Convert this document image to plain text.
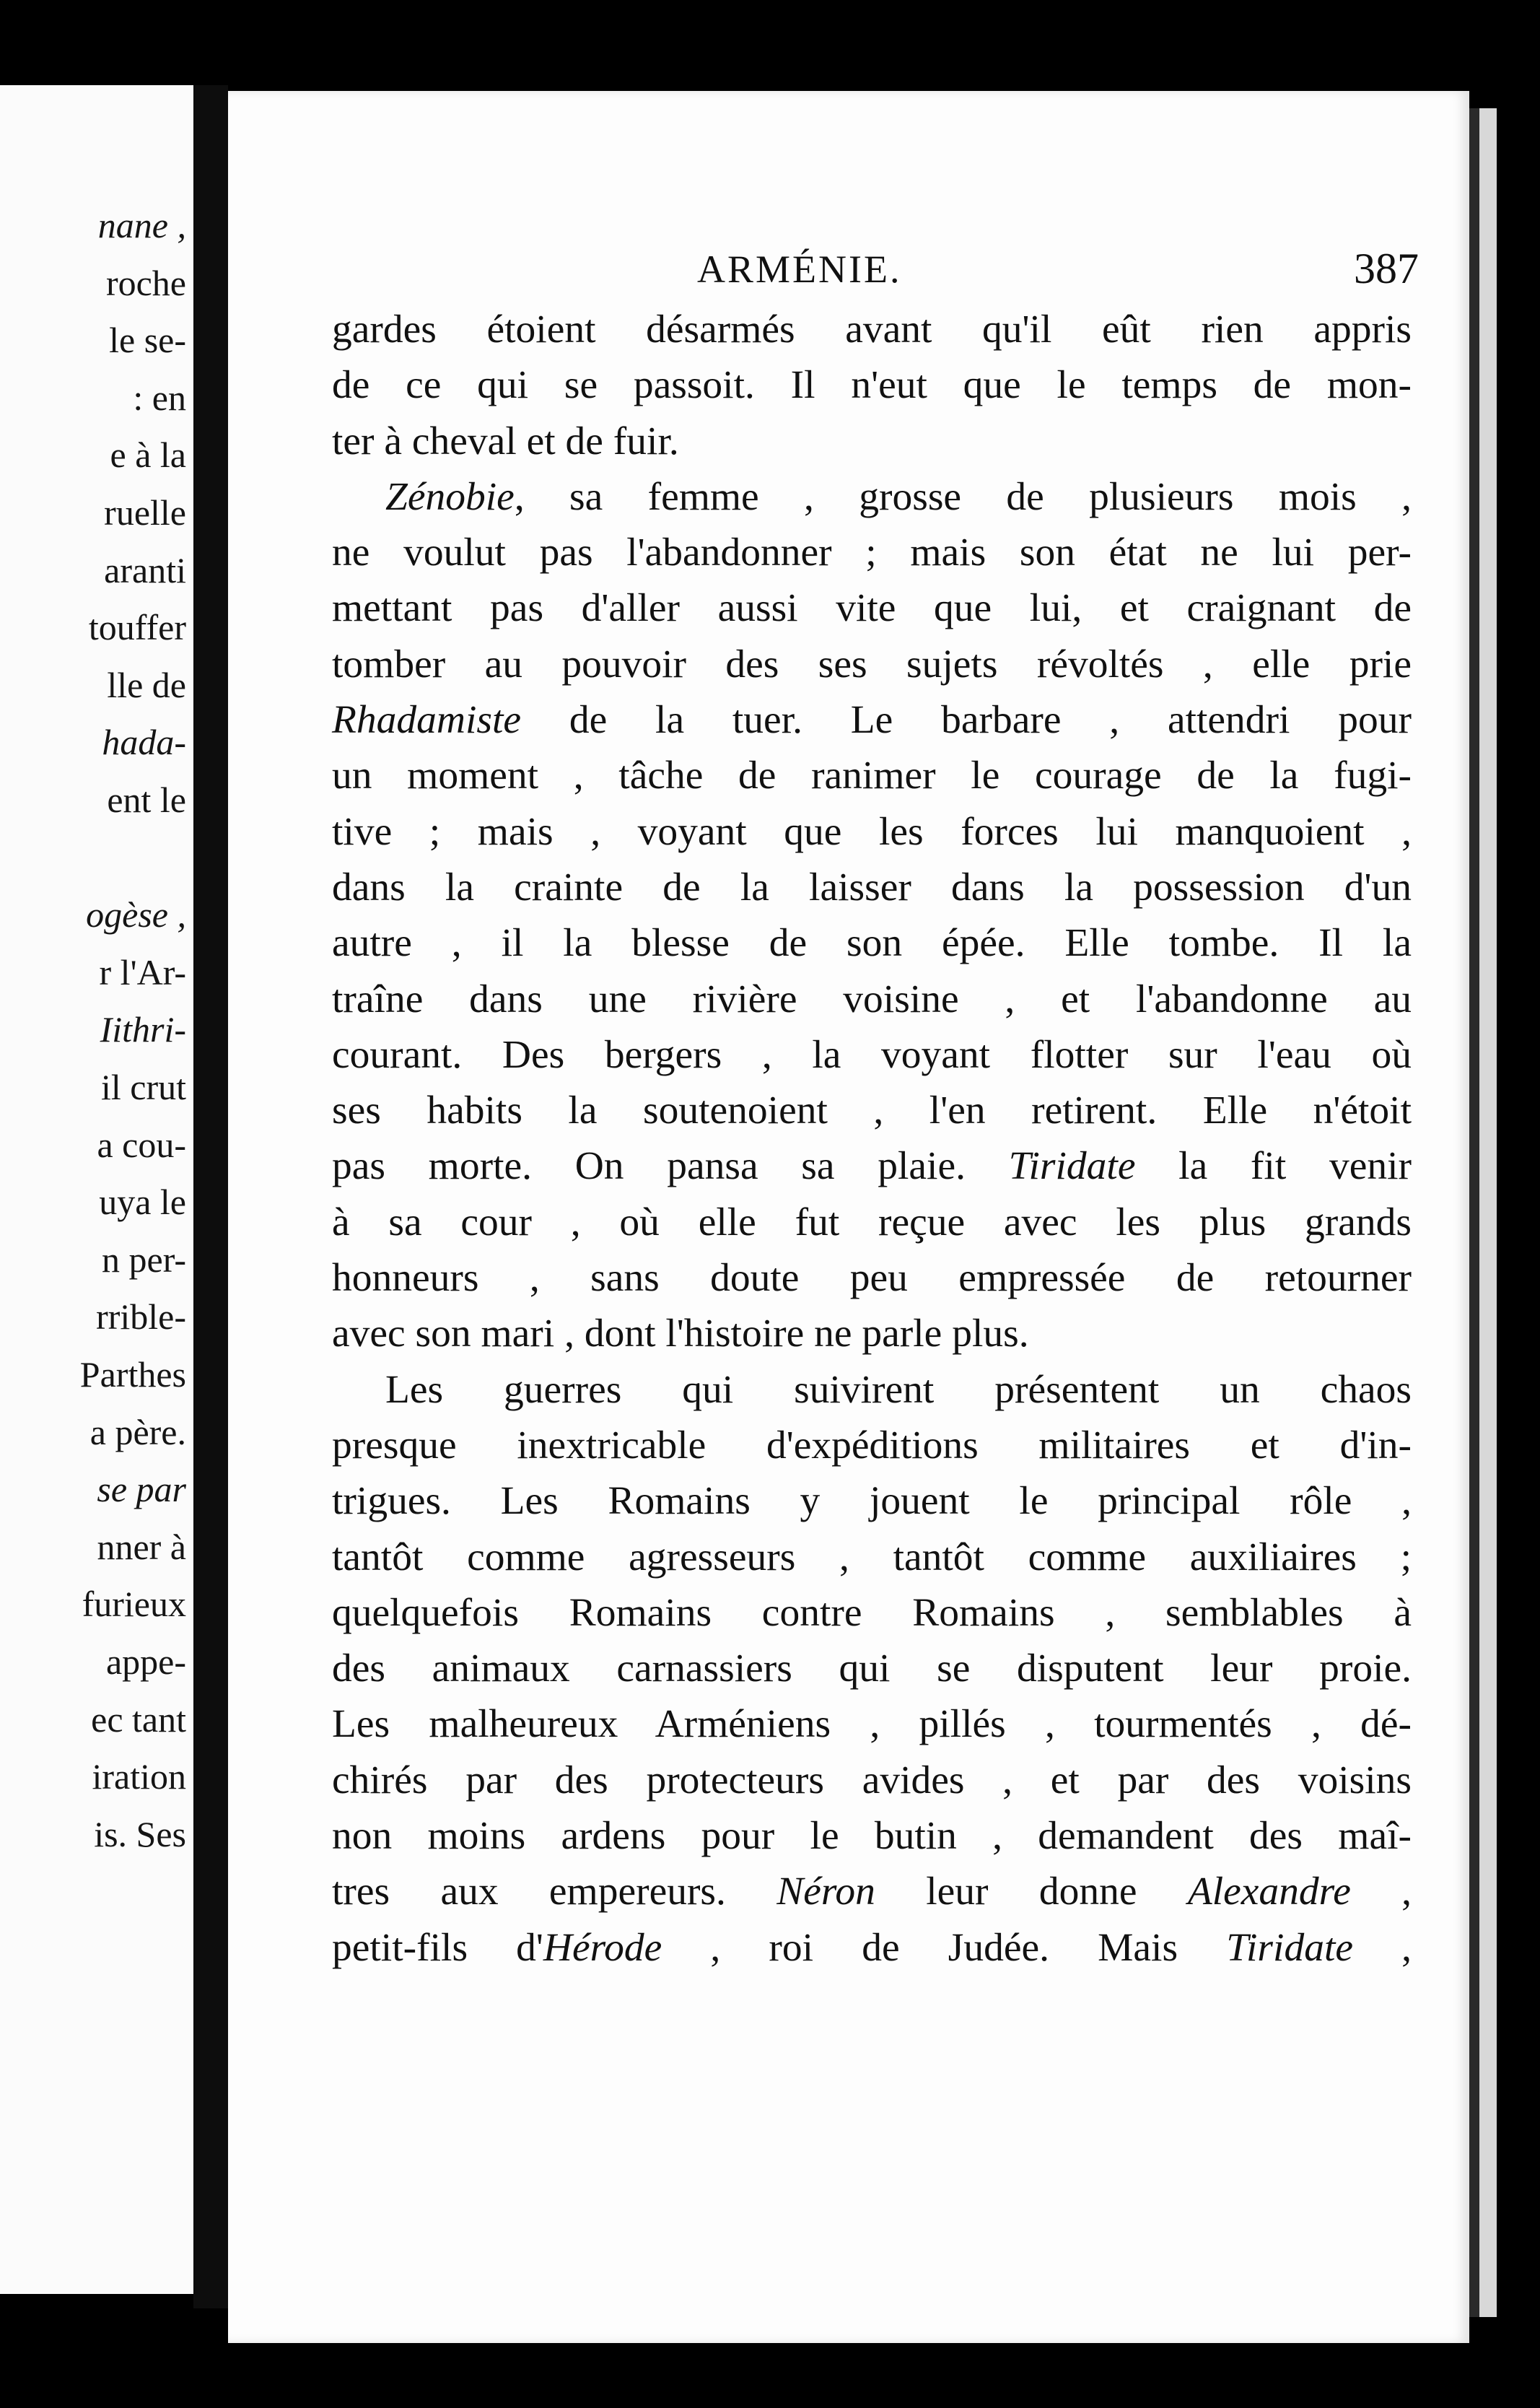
nane ,
roche
le se-
: en
e à la
ruelle
aranti
touffer
lle de
hada-
ent le
ogèse ,
r l'Ar-
Iithri-
il crut
a cou-
uya le
n per-
rrible-
Parthes
a père.
se par
nner à
furieux
appe-
ec tant
iration
is. Ses
ARMÉNIE.	387
gardes étoient désarmés avant qu'il eût rien appris
de ce qui se passoit. Il n'eut que le temps de mon-
ter à cheval et de fuir.
Zénobie, sa femme , grosse de plusieurs mois ,
ne voulut pas l'abandonner ; mais son état ne lui per-
mettant pas d'aller aussi vite que lui, et craignant de
tomber au pouvoir des ses sujets révoltés , elle prie
Rhadamiste de la tuer. Le barbare , attendri pour
un moment , tâche de ranimer le courage de la fugi-
tive ; mais , voyant que les forces lui manquoient ,
dans la crainte de la laisser dans la possession d'un
autre , il la blesse de son épée. Elle tombe. Il la
traîne dans une rivière voisine , et l'abandonne au
courant. Des bergers , la voyant flotter sur l'eau où
ses habits la soutenoient , l'en retirent. Elle n'étoit
pas morte. On pansa sa plaie. Tiridate la fit venir
à sa cour , où elle fut reçue avec les plus grands
honneurs , sans doute peu empressée de retourner
avec son mari , dont l'histoire ne parle plus.
Les guerres qui suivirent présentent un chaos
presque inextricable d'expéditions militaires et d'in-
trigues. Les Romains y jouent le principal rôle ,
tantôt comme agresseurs , tantôt comme auxiliaires ;
quelquefois Romains contre Romains , semblables à
des animaux carnassiers qui se disputent leur proie.
Les malheureux Arméniens , pillés , tourmentés , dé-
chirés par des protecteurs avides , et par des voisins
non moins ardens pour le butin , demandent des maî-
tres aux empereurs. Néron leur donne Alexandre ,
petit-fils d'Hérode , roi de Judée. Mais Tiridate ,
